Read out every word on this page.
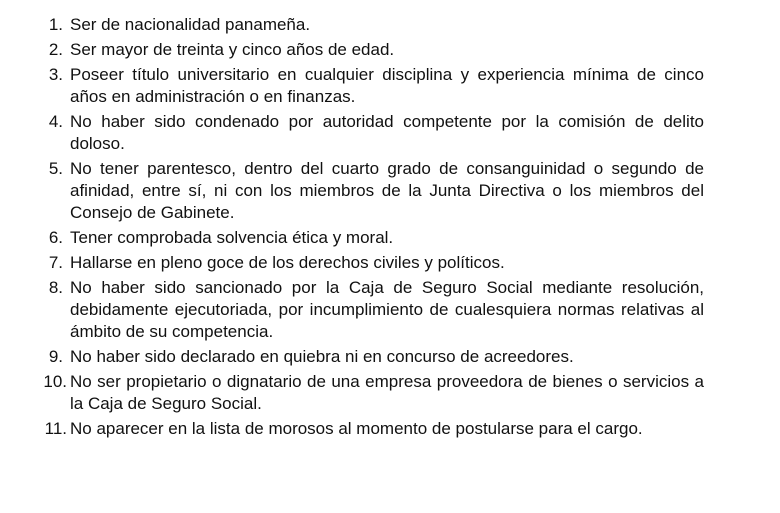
1. Ser de nacionalidad panameña.
2. Ser mayor de treinta y cinco años de edad.
3. Poseer título universitario en cualquier disciplina y experiencia mínima de cinco años en administración o en finanzas.
4. No haber sido condenado por autoridad competente por la comisión de delito doloso.
5. No tener parentesco, dentro del cuarto grado de consanguinidad o segundo de afinidad, entre sí, ni con los miembros de la Junta Directiva o los miembros del Consejo de Gabinete.
6. Tener comprobada solvencia ética y moral.
7. Hallarse en pleno goce de los derechos civiles y políticos.
8. No haber sido sancionado por la Caja de Seguro Social mediante resolución, debidamente ejecutoriada, por incumplimiento de cualesquiera normas relativas al ámbito de su competencia.
9. No haber sido declarado en quiebra ni en concurso de acreedores.
10. No ser propietario o dignatario de una empresa proveedora de bienes o servicios a la Caja de Seguro Social.
11. No aparecer en la lista de morosos al momento de postularse para el cargo.
